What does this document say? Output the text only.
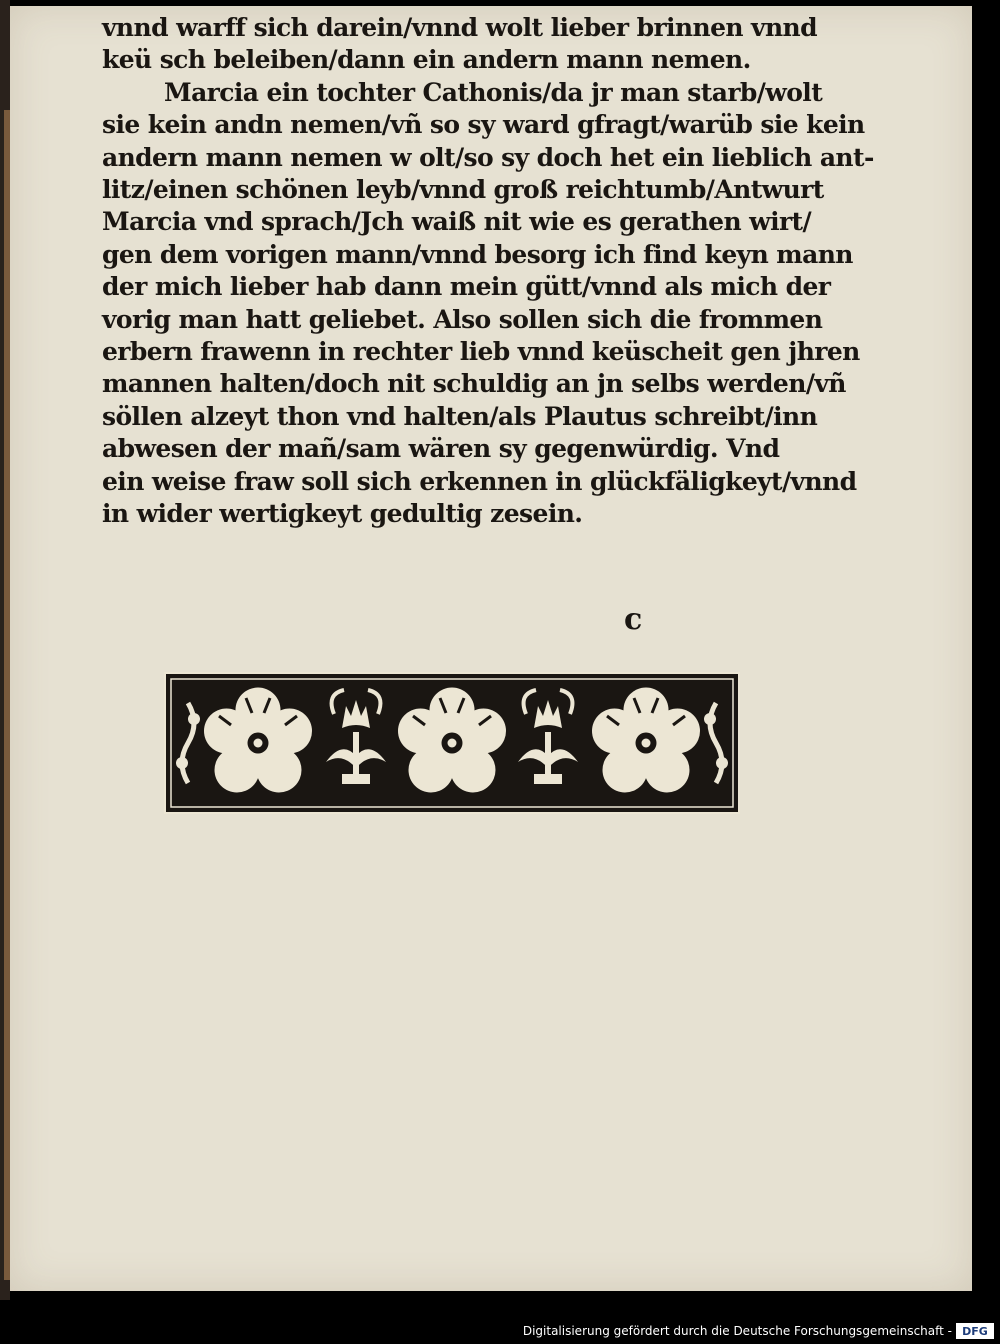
vnnd warff sich darein/vnnd wolt lieber brinnen vnnd
keü sch beleiben/dann ein andern mann nemen.
Marcia ein tochter Cathonis/da jr man starb/wolt
sie kein andn nemen/vñ so sy ward gfragt/warüb sie kein
andern mann nemen w olt/so sy doch het ein lieblich ant-
litz/einen schönen leyb/vnnd groß reichtumb/Antwurt
Marcia vnd sprach/Jch waiß nit wie es gerathen wirt/
gen dem vorigen mann/vnnd besorg ich find keyn mann
der mich lieber hab dann mein gütt/vnnd als mich der
vorig man hatt geliebet. Also sollen sich die frommen
erbern frawenn in rechter lieb vnnd keüscheit gen jhren
mannen halten/doch nit schuldig an jn selbs werden/vñ
söllen alzeyt thon vnd halten/als Plautus schreibt/inn
abwesen der mañ/sam wären sy gegenwürdig. Vnd
ein weise fraw soll sich erkennen in glückfäligkeyt/vnnd
in wider wertigkeyt gedultig zesein.
c
Digitalisierung gefördert durch die Deutsche Forschungsgemeinschaft - DFG
